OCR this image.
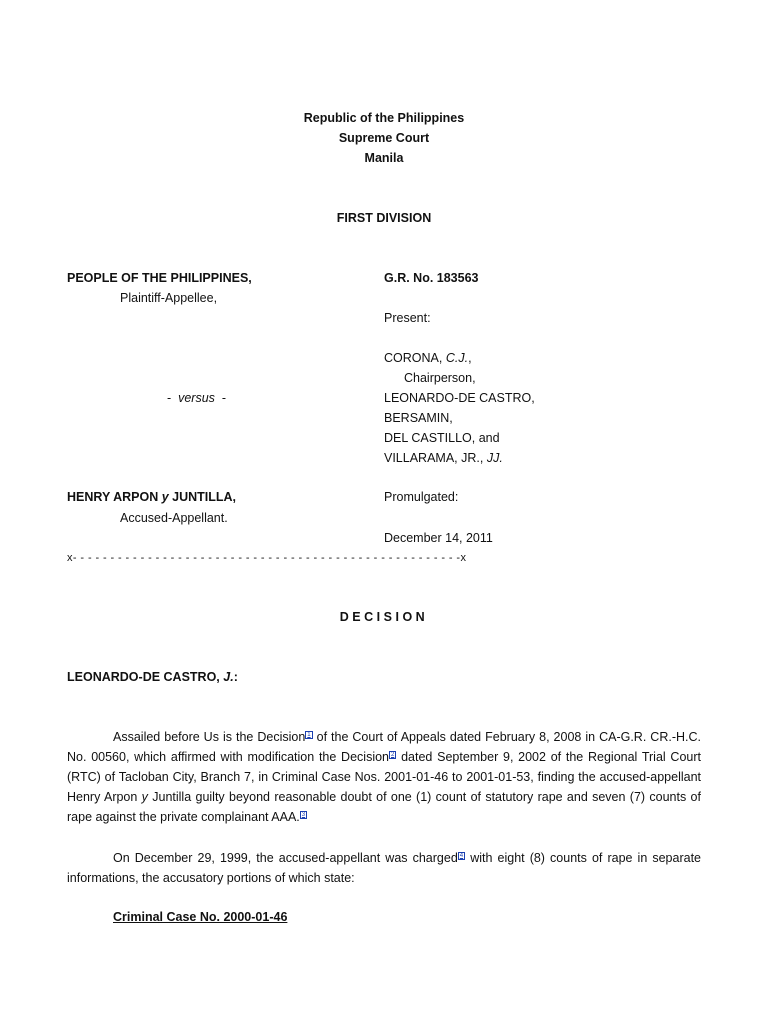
Republic of the Philippines
Supreme Court
Manila
FIRST DIVISION
PEOPLE OF THE PHILIPPINES,
Plaintiff-Appellee,
-  versus  -
HENRY ARPON y JUNTILLA,
Accused-Appellant.
G.R. No. 183563
Present:
CORONA, C.J.,
Chairperson,
LEONARDO-DE CASTRO,
BERSAMIN,
DEL CASTILLO, and
VILLARAMA, JR., JJ.
Promulgated:
December 14, 2011
x- - - - - - - - - - - - - - - - - - - - - - - - - - - - - - - - - - - - - - - - - - - - - - - - - - - -x
DECISION
LEONARDO-DE CASTRO, J.:
Assailed before Us is the Decision $^1$ of the Court of Appeals dated February 8, 2008 in CA-G.R. CR.-H.C. No. 00560, which affirmed with modification the Decision $^2$ dated September 9, 2002 of the Regional Trial Court (RTC) of Tacloban City, Branch 7, in Criminal Case Nos. 2001-01-46 to 2001-01-53, finding the accused-appellant Henry Arpon y Juntilla guilty beyond reasonable doubt of one (1) count of statutory rape and seven (7) counts of rape against the private complainant AAA. $^3$
On December 29, 1999, the accused-appellant was charged $^4$ with eight (8) counts of rape in separate informations, the accusatory portions of which state:
Criminal Case No. 2000-01-46
